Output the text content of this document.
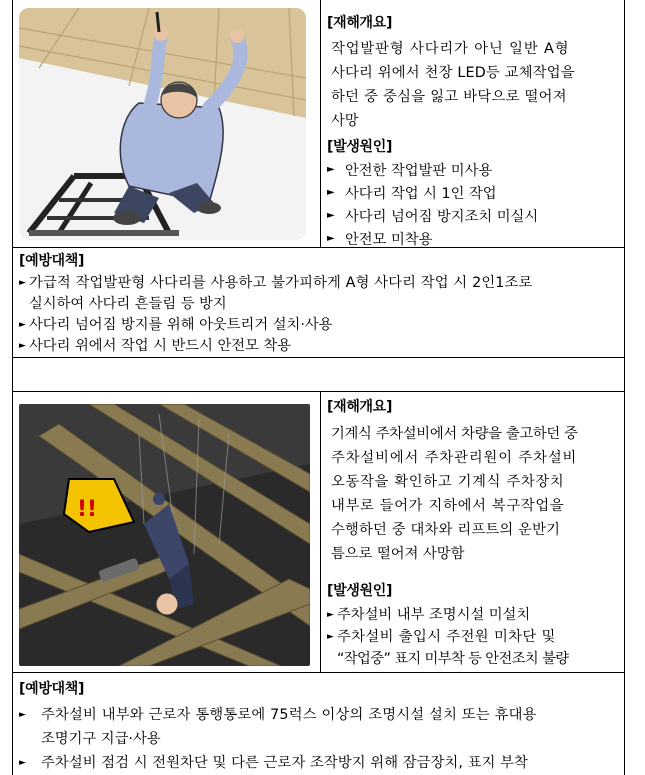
[재해개요]
작업발판형 사다리가 아닌 일반 A형
사다리 위에서 천장 LED등 교체작업을
하던 중 중심을 잃고 바닥으로 떨어져
사망
[발생원인]
► 안전한 작업발판 미사용
► 사다리 작업 시 1인 작업
► 사다리 넘어짐 방지조치 미실시
► 안전모 미착용
[예방대책]
► 가급적 작업발판형 사다리를 사용하고 불가피하게 A형 사다리 작업 시 2인1조로
실시하여 사다리 흔들림 등 방지
► 사다리 넘어짐 방지를 위해 아웃트리거 설치·사용
► 사다리 위에서 작업 시 반드시 안전모 착용
!!
[재해개요]
기계식 주차설비에서 차량을 출고하던 중
주차설비에서 주차관리원이 주차설비
오동작을 확인하고 기계식 주차장치
내부로 들어가 지하에서 복구작업을
수행하던 중 대차와 리프트의 운반기
틈으로 떨어져 사망함
[발생원인]
► 주차설비 내부 조명시설 미설치
► 주차설비 출입시 주전원 미차단 및
“작업중” 표지 미부착 등 안전조치 불량
[예방대책]
►	주차설비 내부와 근로자 통행통로에 75럭스 이상의 조명시설 설치 또는 휴대용
조명기구 지급·사용
►	주차설비 점검 시 전원차단 및 다른 근로자 조작방지 위해 잠금장치, 표지 부착
